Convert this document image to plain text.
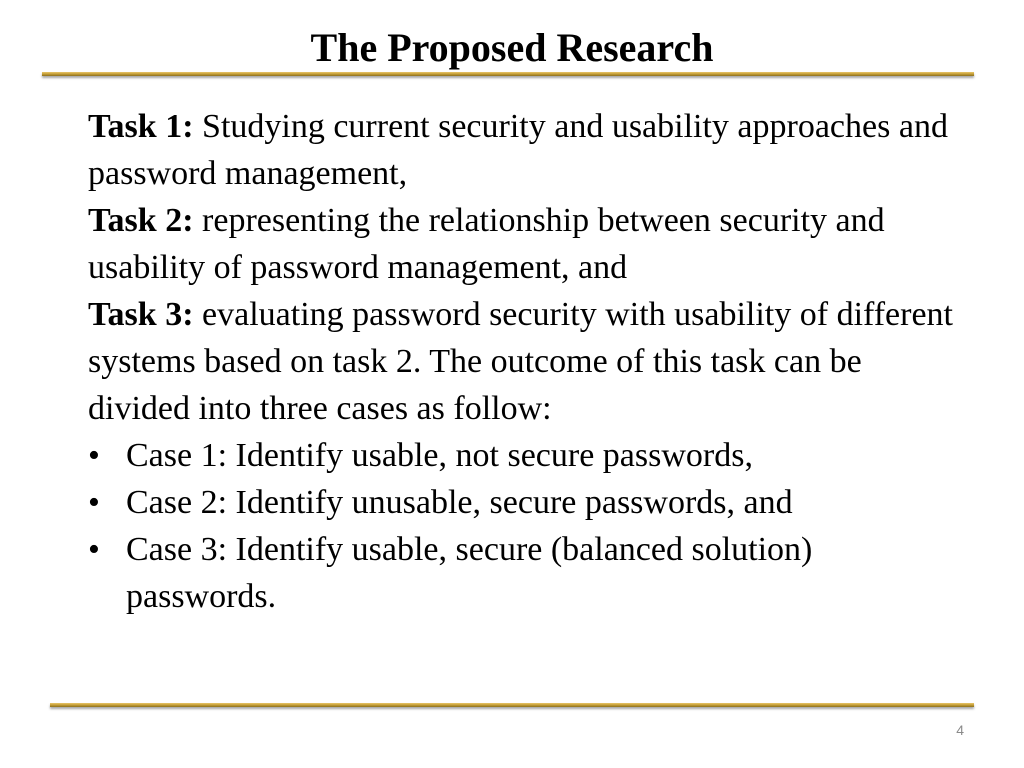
The Proposed Research

Task 1: Studying current security and usability approaches and password management,

Task 2: representing the relationship between security and usability of password management, and

Task 3: evaluating password security with usability of different systems based on task 2. The outcome of this task can be divided into three cases as follow:

• Case 1: Identify usable, not secure passwords,
• Case 2: Identify unusable, secure passwords, and
• Case 3: Identify usable, secure (balanced solution) passwords.
4
